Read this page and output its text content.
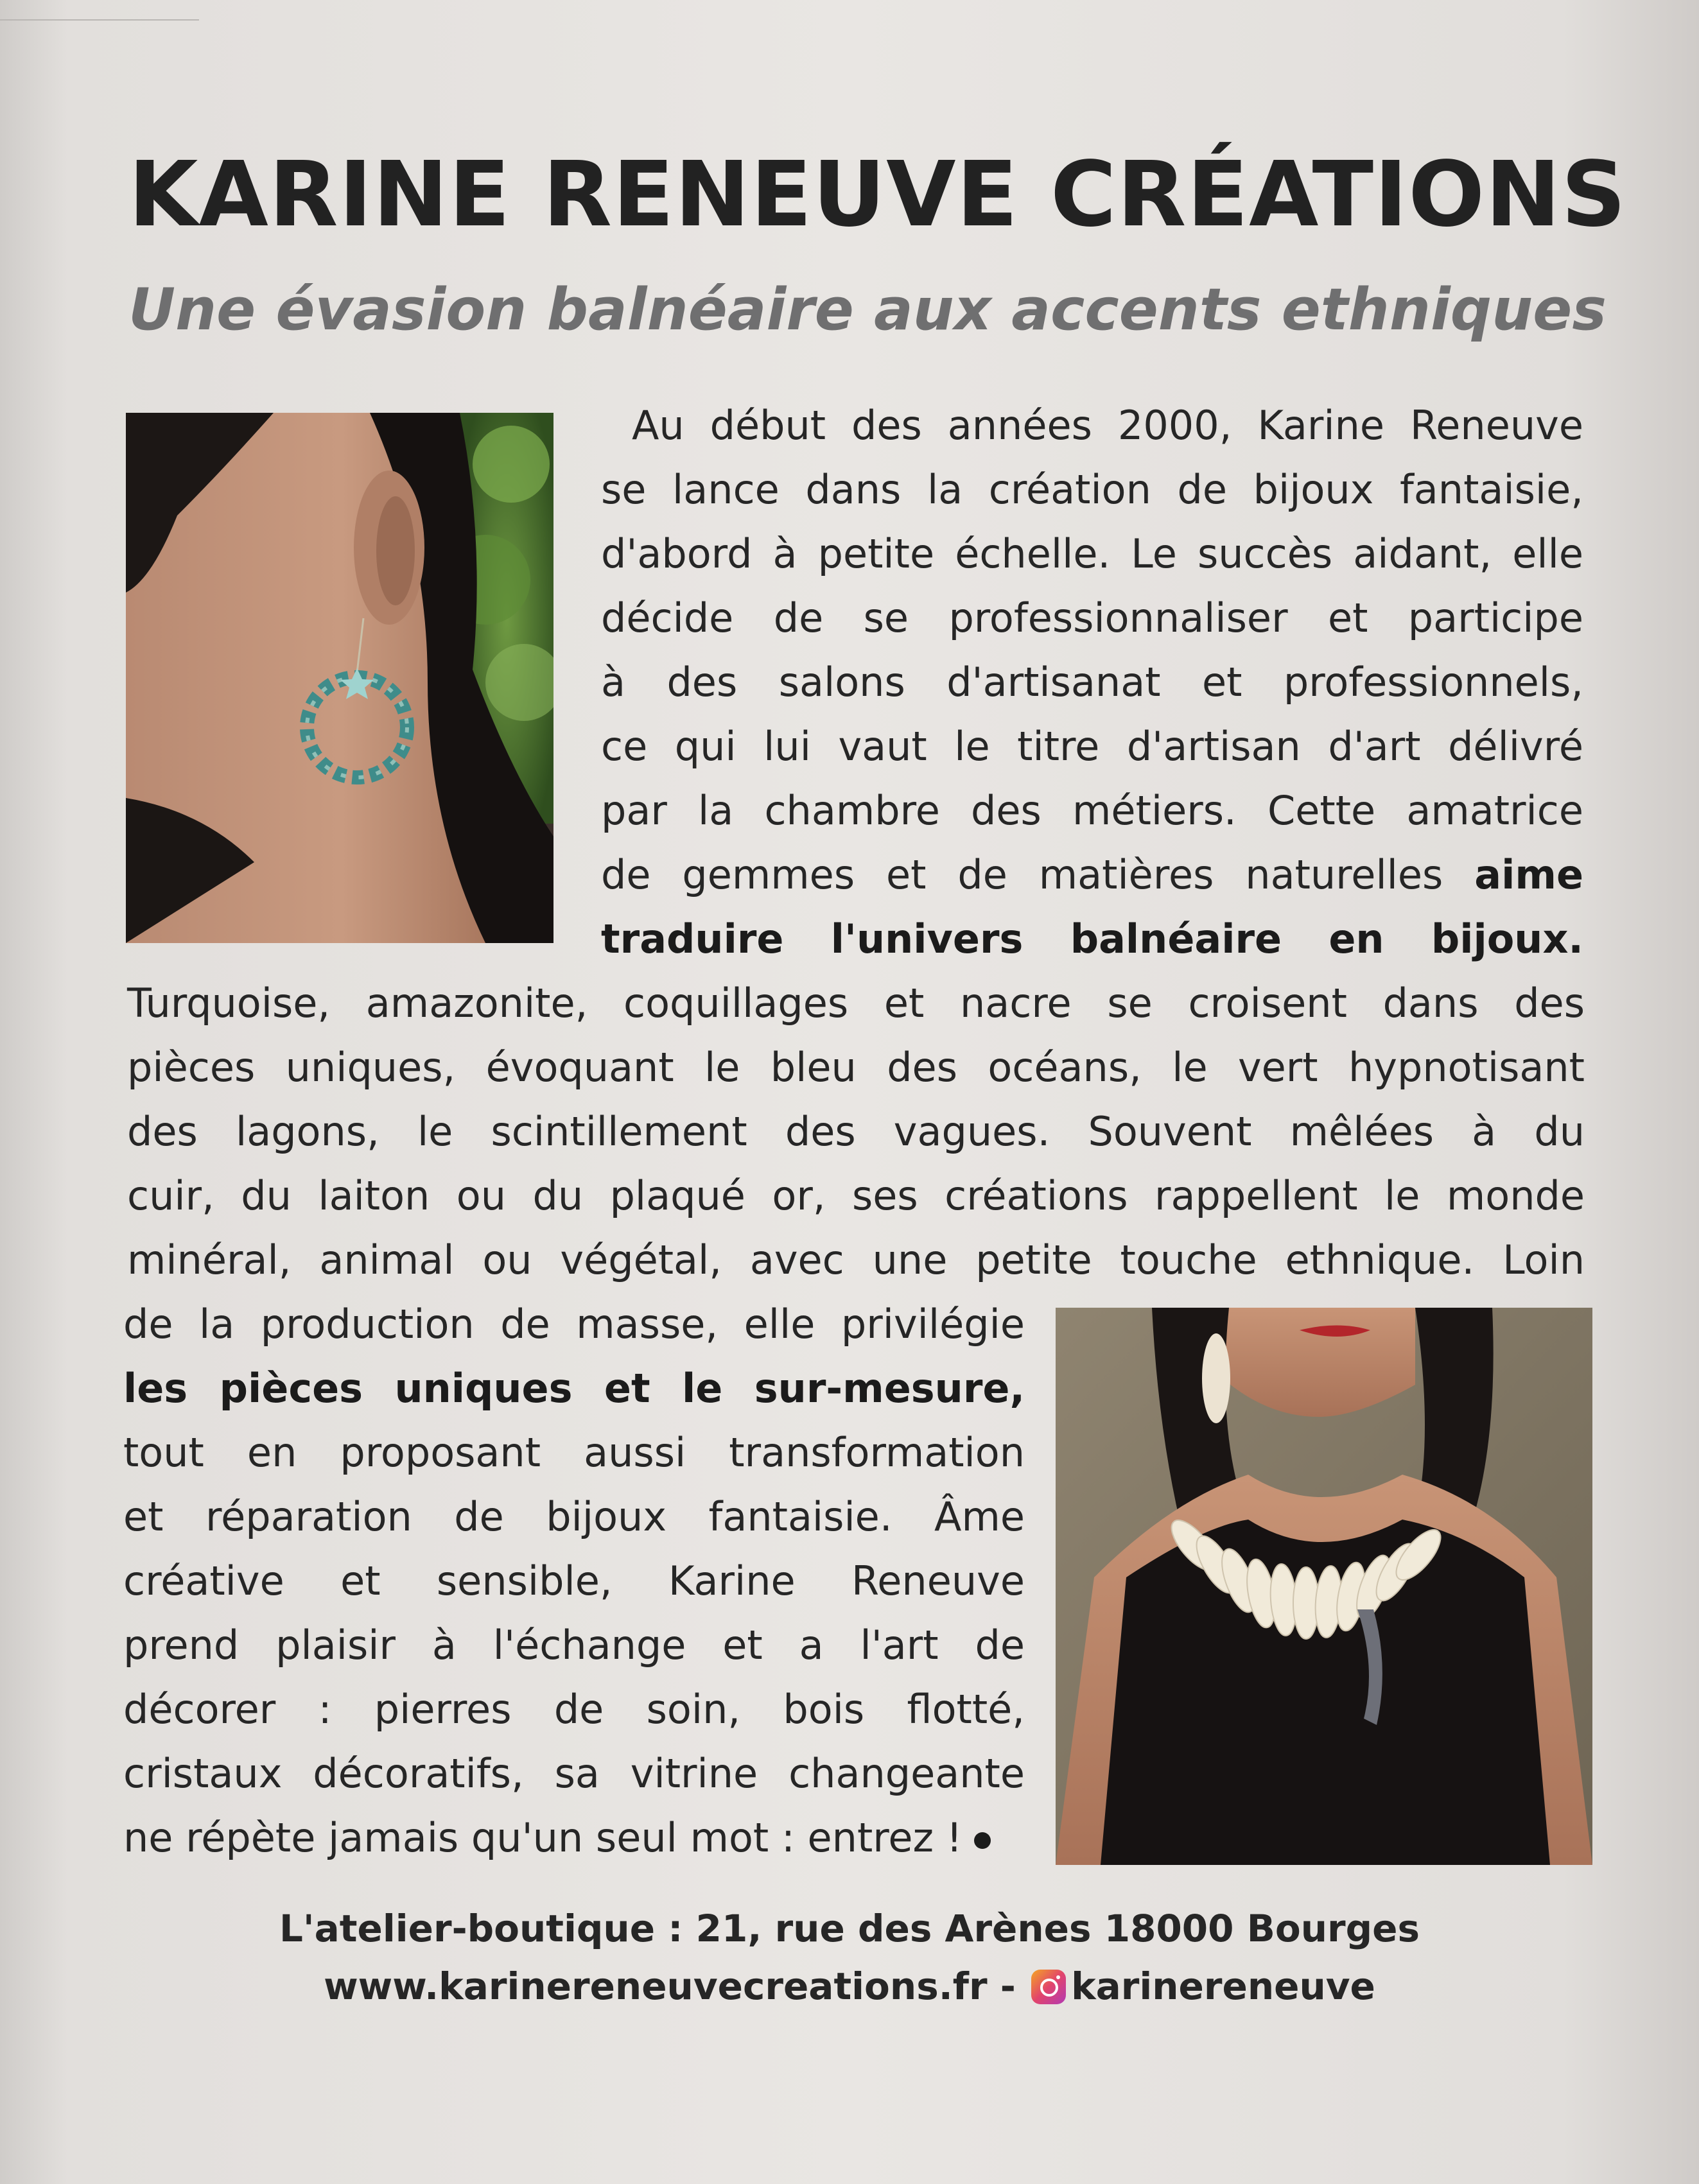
KARINE RENEUVE CRÉATIONS
Une évasion balnéaire aux accents ethniques
Au début des années 2000, Karine Reneuve
se lance dans la création de bijoux fantaisie,
d'abord à petite échelle. Le succès aidant, elle
décide de se professionnaliser et participe
à des salons d'artisanat et professionnels,
ce qui lui vaut le titre d'artisan d'art délivré
par la chambre des métiers. Cette amatrice
de gemmes et de matières naturelles aime
traduire l'univers balnéaire en bijoux.
Turquoise, amazonite, coquillages et nacre se croisent dans des
pièces uniques, évoquant le bleu des océans, le vert hypnotisant
des lagons, le scintillement des vagues. Souvent mêlées à du
cuir, du laiton ou du plaqué or, ses créations rappellent le monde
minéral, animal ou végétal, avec une petite touche ethnique. Loin
de la production de masse, elle privilégie
les pièces uniques et le sur-mesure,
tout en proposant aussi transformation
et réparation de bijoux fantaisie. Âme
créative et sensible, Karine Reneuve
prend plaisir à l'échange et a l'art de
décorer : pierres de soin, bois flotté,
cristaux décoratifs, sa vitrine changeante
ne répète jamais qu'un seul mot : entrez !
L'atelier-boutique : 21, rue des Arènes 18000 Bourges
www.karinereneuvecreations.fr - karinereneuve
